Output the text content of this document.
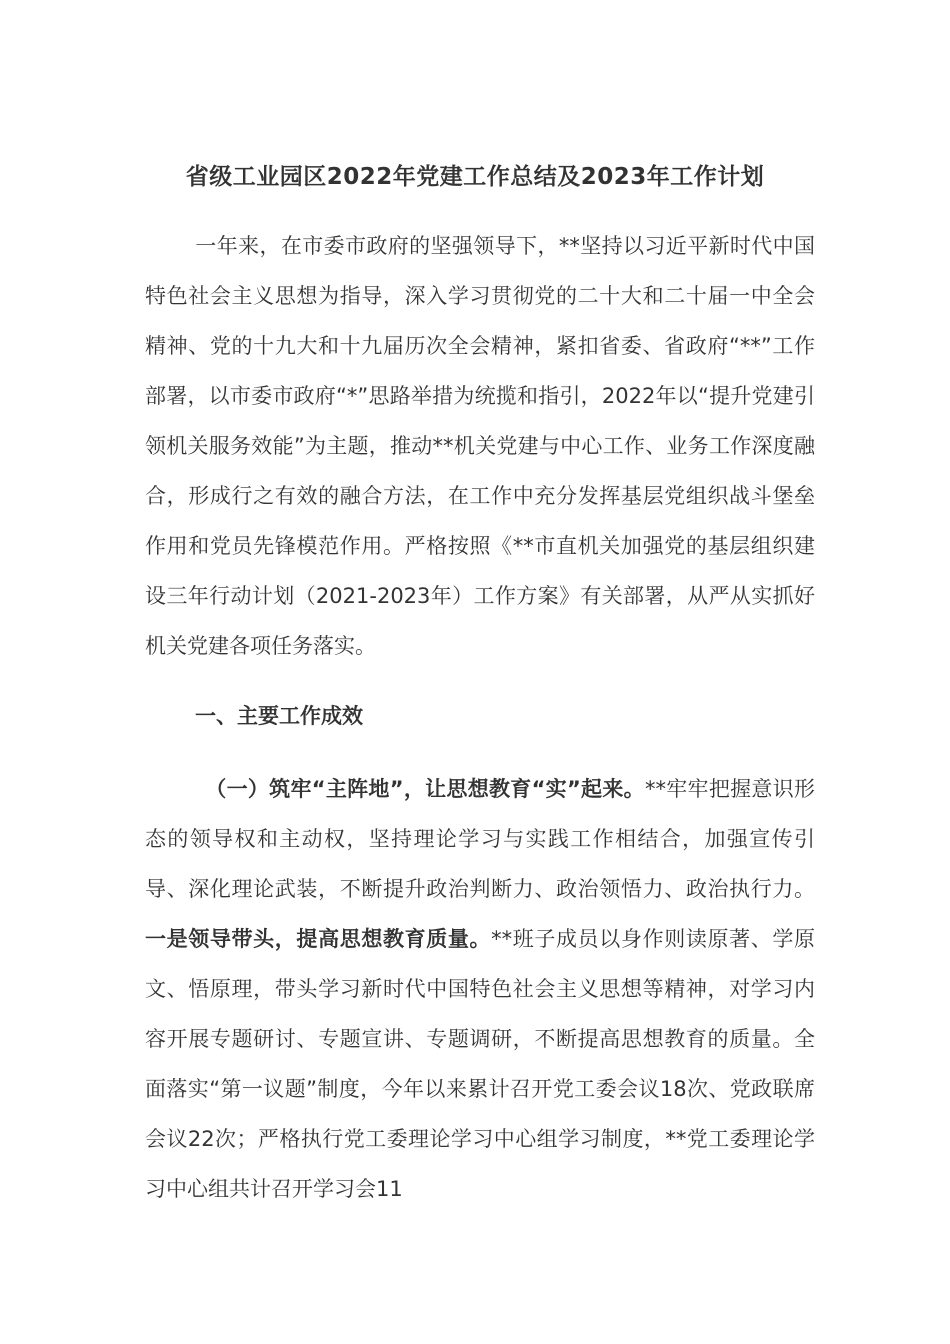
省级工业园区2022年党建工作总结及2023年工作计划

一年来，在市委市政府的坚强领导下，**坚持以习近平新时代中国特色社会主义思想为指导，深入学习贯彻党的二十大和二十届一中全会精神、党的十九大和十九届历次全会精神，紧扣省委、省政府“**”工作部署，以市委市政府“*”思路举措为统揽和指引，2022年以“提升党建引领机关服务效能”为主题，推动**机关党建与中心工作、业务工作深度融合，形成行之有效的融合方法，在工作中充分发挥基层党组织战斗堡垒作用和党员先锋模范作用。严格按照《**市直机关加强党的基层组织建设三年行动计划（2021-2023年）工作方案》有关部署，从严从实抓好机关党建各项任务落实。

一、主要工作成效

（一）筑牢“主阵地”，让思想教育“实”起来。**牢牢把握意识形态的领导权和主动权，坚持理论学习与实践工作相结合，加强宣传引导、深化理论武装，不断提升政治判断力、政治领悟力、政治执行力。一是领导带头，提高思想教育质量。**班子成员以身作则读原著、学原文、悟原理，带头学习新时代中国特色社会主义思想等精神，对学习内容开展专题研讨、专题宣讲、专题调研，不断提高思想教育的质量。全面落实“第一议题”制度，今年以来累计召开党工委会议18次、党政联席会议22次；严格执行党工委理论学习中心组学习制度，**党工委理论学习中心组共计召开学习会11
